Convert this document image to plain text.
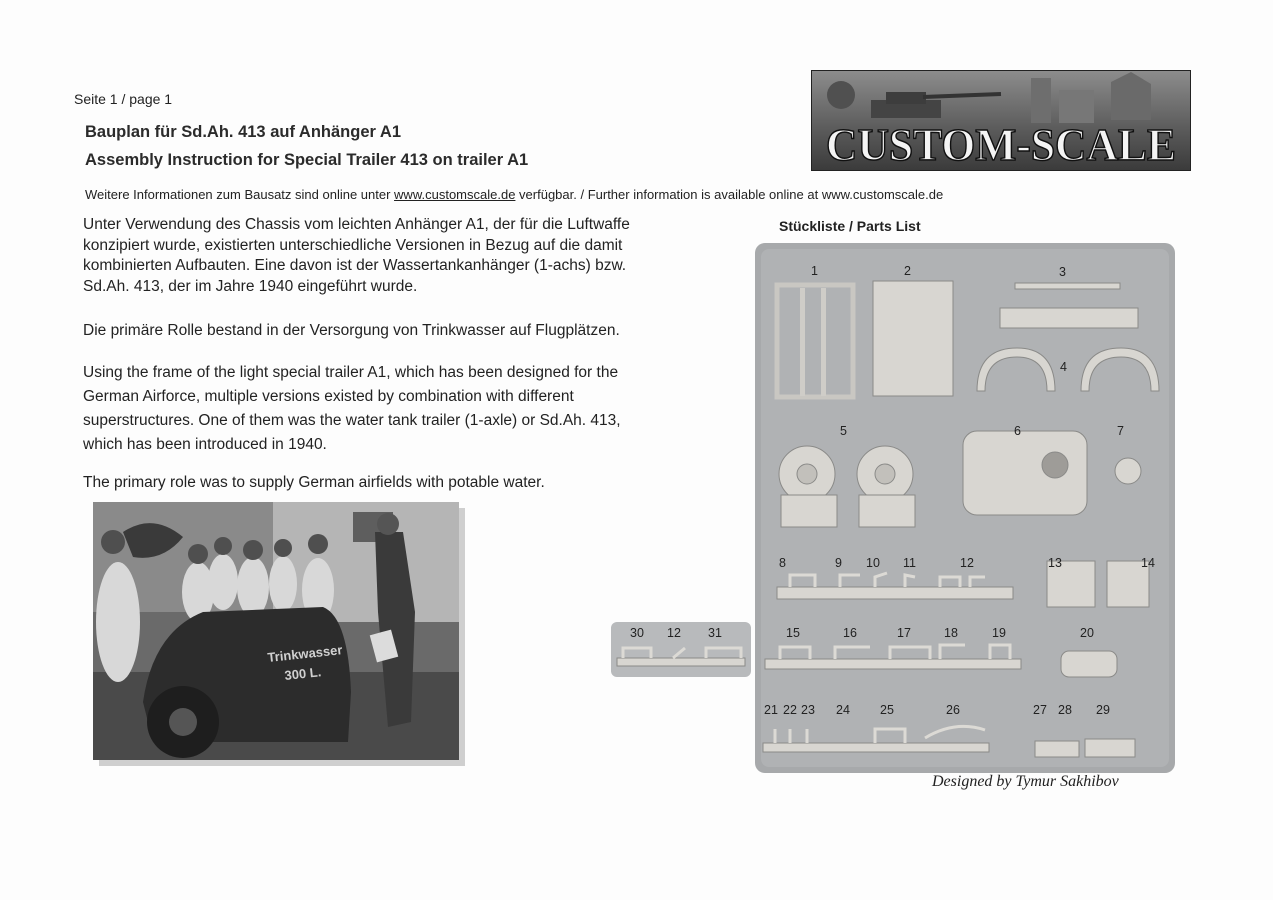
Seite 1 / page 1
Bauplan für Sd.Ah. 413 auf Anhänger A1
Assembly Instruction for Special Trailer 413 on trailer A1
Weitere Informationen zum Bausatz sind online unter www.customscale.de verfügbar. / Further information is available online at www.customscale.de

Unter Verwendung des Chassis vom leichten Anhänger A1, der für die Luftwaffe
konzipiert wurde, existierten unterschiedliche Versionen in Bezug auf die damit
kombinierten Aufbauten. Eine davon ist der Wassertankanhänger (1-achs) bzw.
Sd.Ah. 413, der im Jahre 1940 eingeführt wurde.

Die primäre Rolle bestand in der Versorgung von Trinkwasser auf Flugplätzen.

Using the frame of the light special trailer A1, which has been designed for the
German Airforce, multiple versions existed by combination with different
superstructures. One of them was the water tank trailer (1-axle) or Sd.Ah. 413,
which has been introduced in 1940.

The primary role was to supply German airfields with potable water.

CUSTOM-SCALE
Trinkwasser
300 L.
Stückliste / Parts List
1	2	3
4
5	6	7
8	9 10 11	12	13	14
15	16	17	18	19	20
21 22 23 24 25	26	27 28 29
30 12 31
Designed by Tymur Sakhibov
